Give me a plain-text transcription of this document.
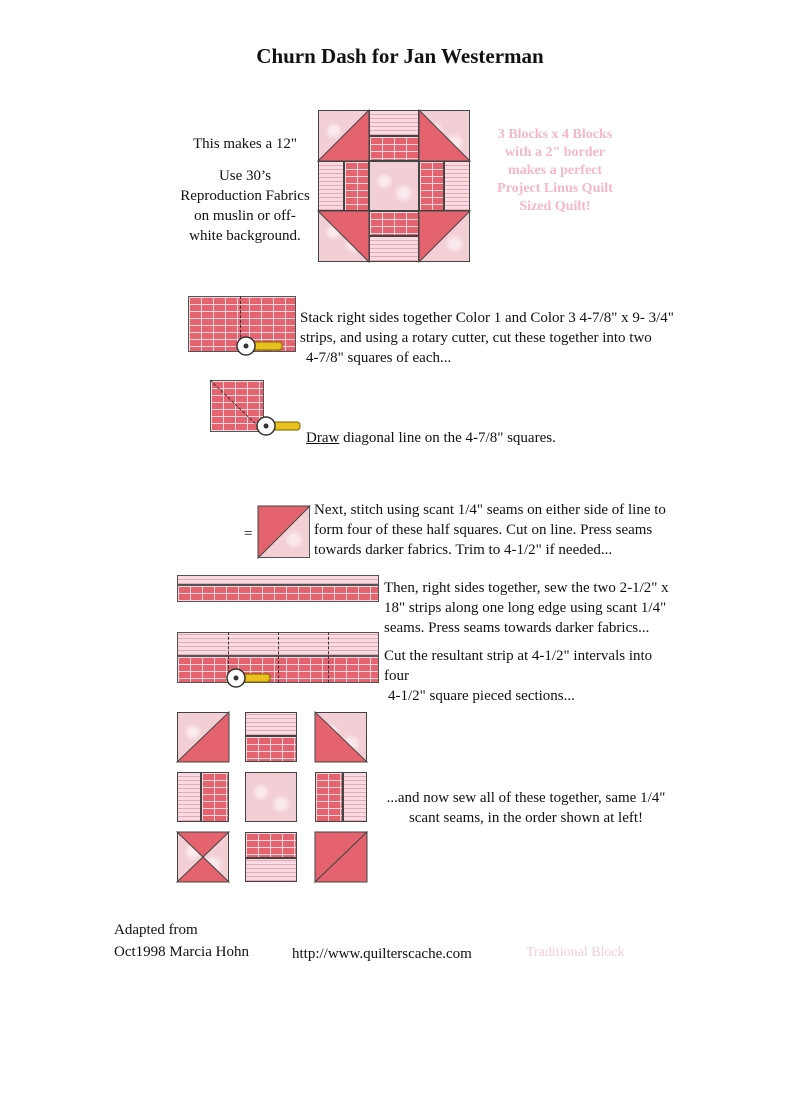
Churn Dash for Jan Westerman
This makes a 12"
Use 30’s
Reproduction Fabrics
on muslin or off-
white background.
3 Blocks x 4 Blocks
with a 2" border
makes a perfect
Project Linus Quilt
Sized Quilt!
Stack right sides together Color 1 and Color 3 4-7/8" x 9- 3/4"
strips, and using a rotary cutter, cut these together into two
4-7/8" squares of each...
Draw diagonal line on the 4-7/8" squares.
=
Next, stitch using scant 1/4" seams on either side of line to
form four of these half squares. Cut on line. Press seams
towards darker fabrics. Trim to 4-1/2" if needed...
Then, right sides together, sew the two 2-1/2" x
18" strips along one long edge using scant 1/4"
seams. Press seams towards darker fabrics...
Cut the resultant strip at 4-1/2" intervals into
four
4-1/2" square pieced sections...
...and now sew all of these together, same 1/4"
scant seams, in the order shown at left!
Adapted from
Oct1998 Marcia Hohn	http://www.quilterscache.com	Traditional Block
